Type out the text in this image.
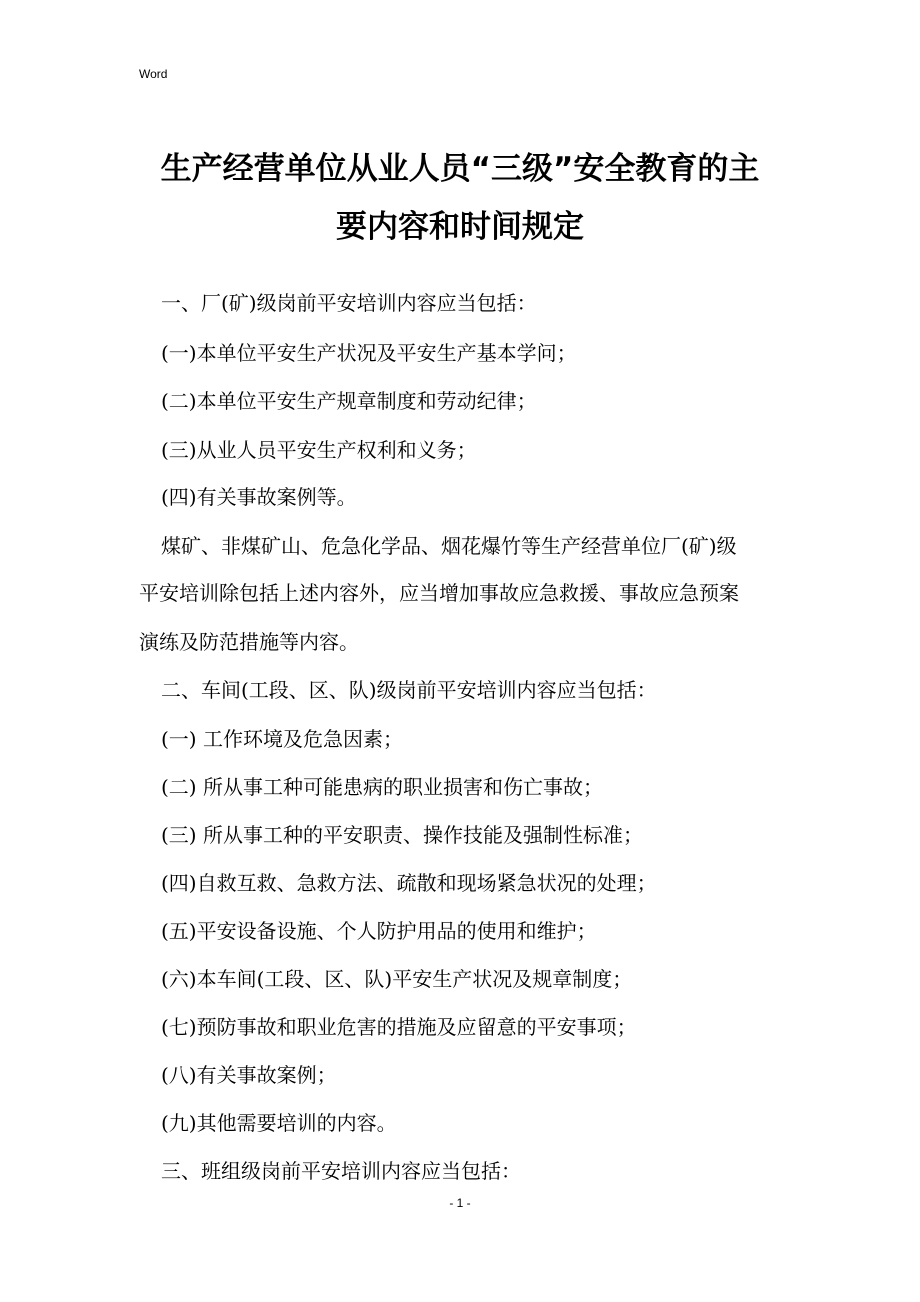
Word
生产经营单位从业人员“三级”安全教育的主
要内容和时间规定
一、厂(矿)级岗前平安培训内容应当包括：
(一)本单位平安生产状况及平安生产基本学问；
(二)本单位平安生产规章制度和劳动纪律；
(三)从业人员平安生产权利和义务；
(四)有关事故案例等。
煤矿、非煤矿山、危急化学品、烟花爆竹等生产经营单位厂(矿)级
平安培训除包括上述内容外，应当增加事故应急救援、事故应急预案
演练及防范措施等内容。
二、车间(工段、区、队)级岗前平安培训内容应当包括：
(一) 工作环境及危急因素；
(二) 所从事工种可能患病的职业损害和伤亡事故；
(三) 所从事工种的平安职责、操作技能及强制性标准；
(四)自救互救、急救方法、疏散和现场紧急状况的处理；
(五)平安设备设施、个人防护用品的使用和维护；
(六)本车间(工段、区、队)平安生产状况及规章制度；
(七)预防事故和职业危害的措施及应留意的平安事项；
(八)有关事故案例；
(九)其他需要培训的内容。
三、班组级岗前平安培训内容应当包括：
- 1 -
